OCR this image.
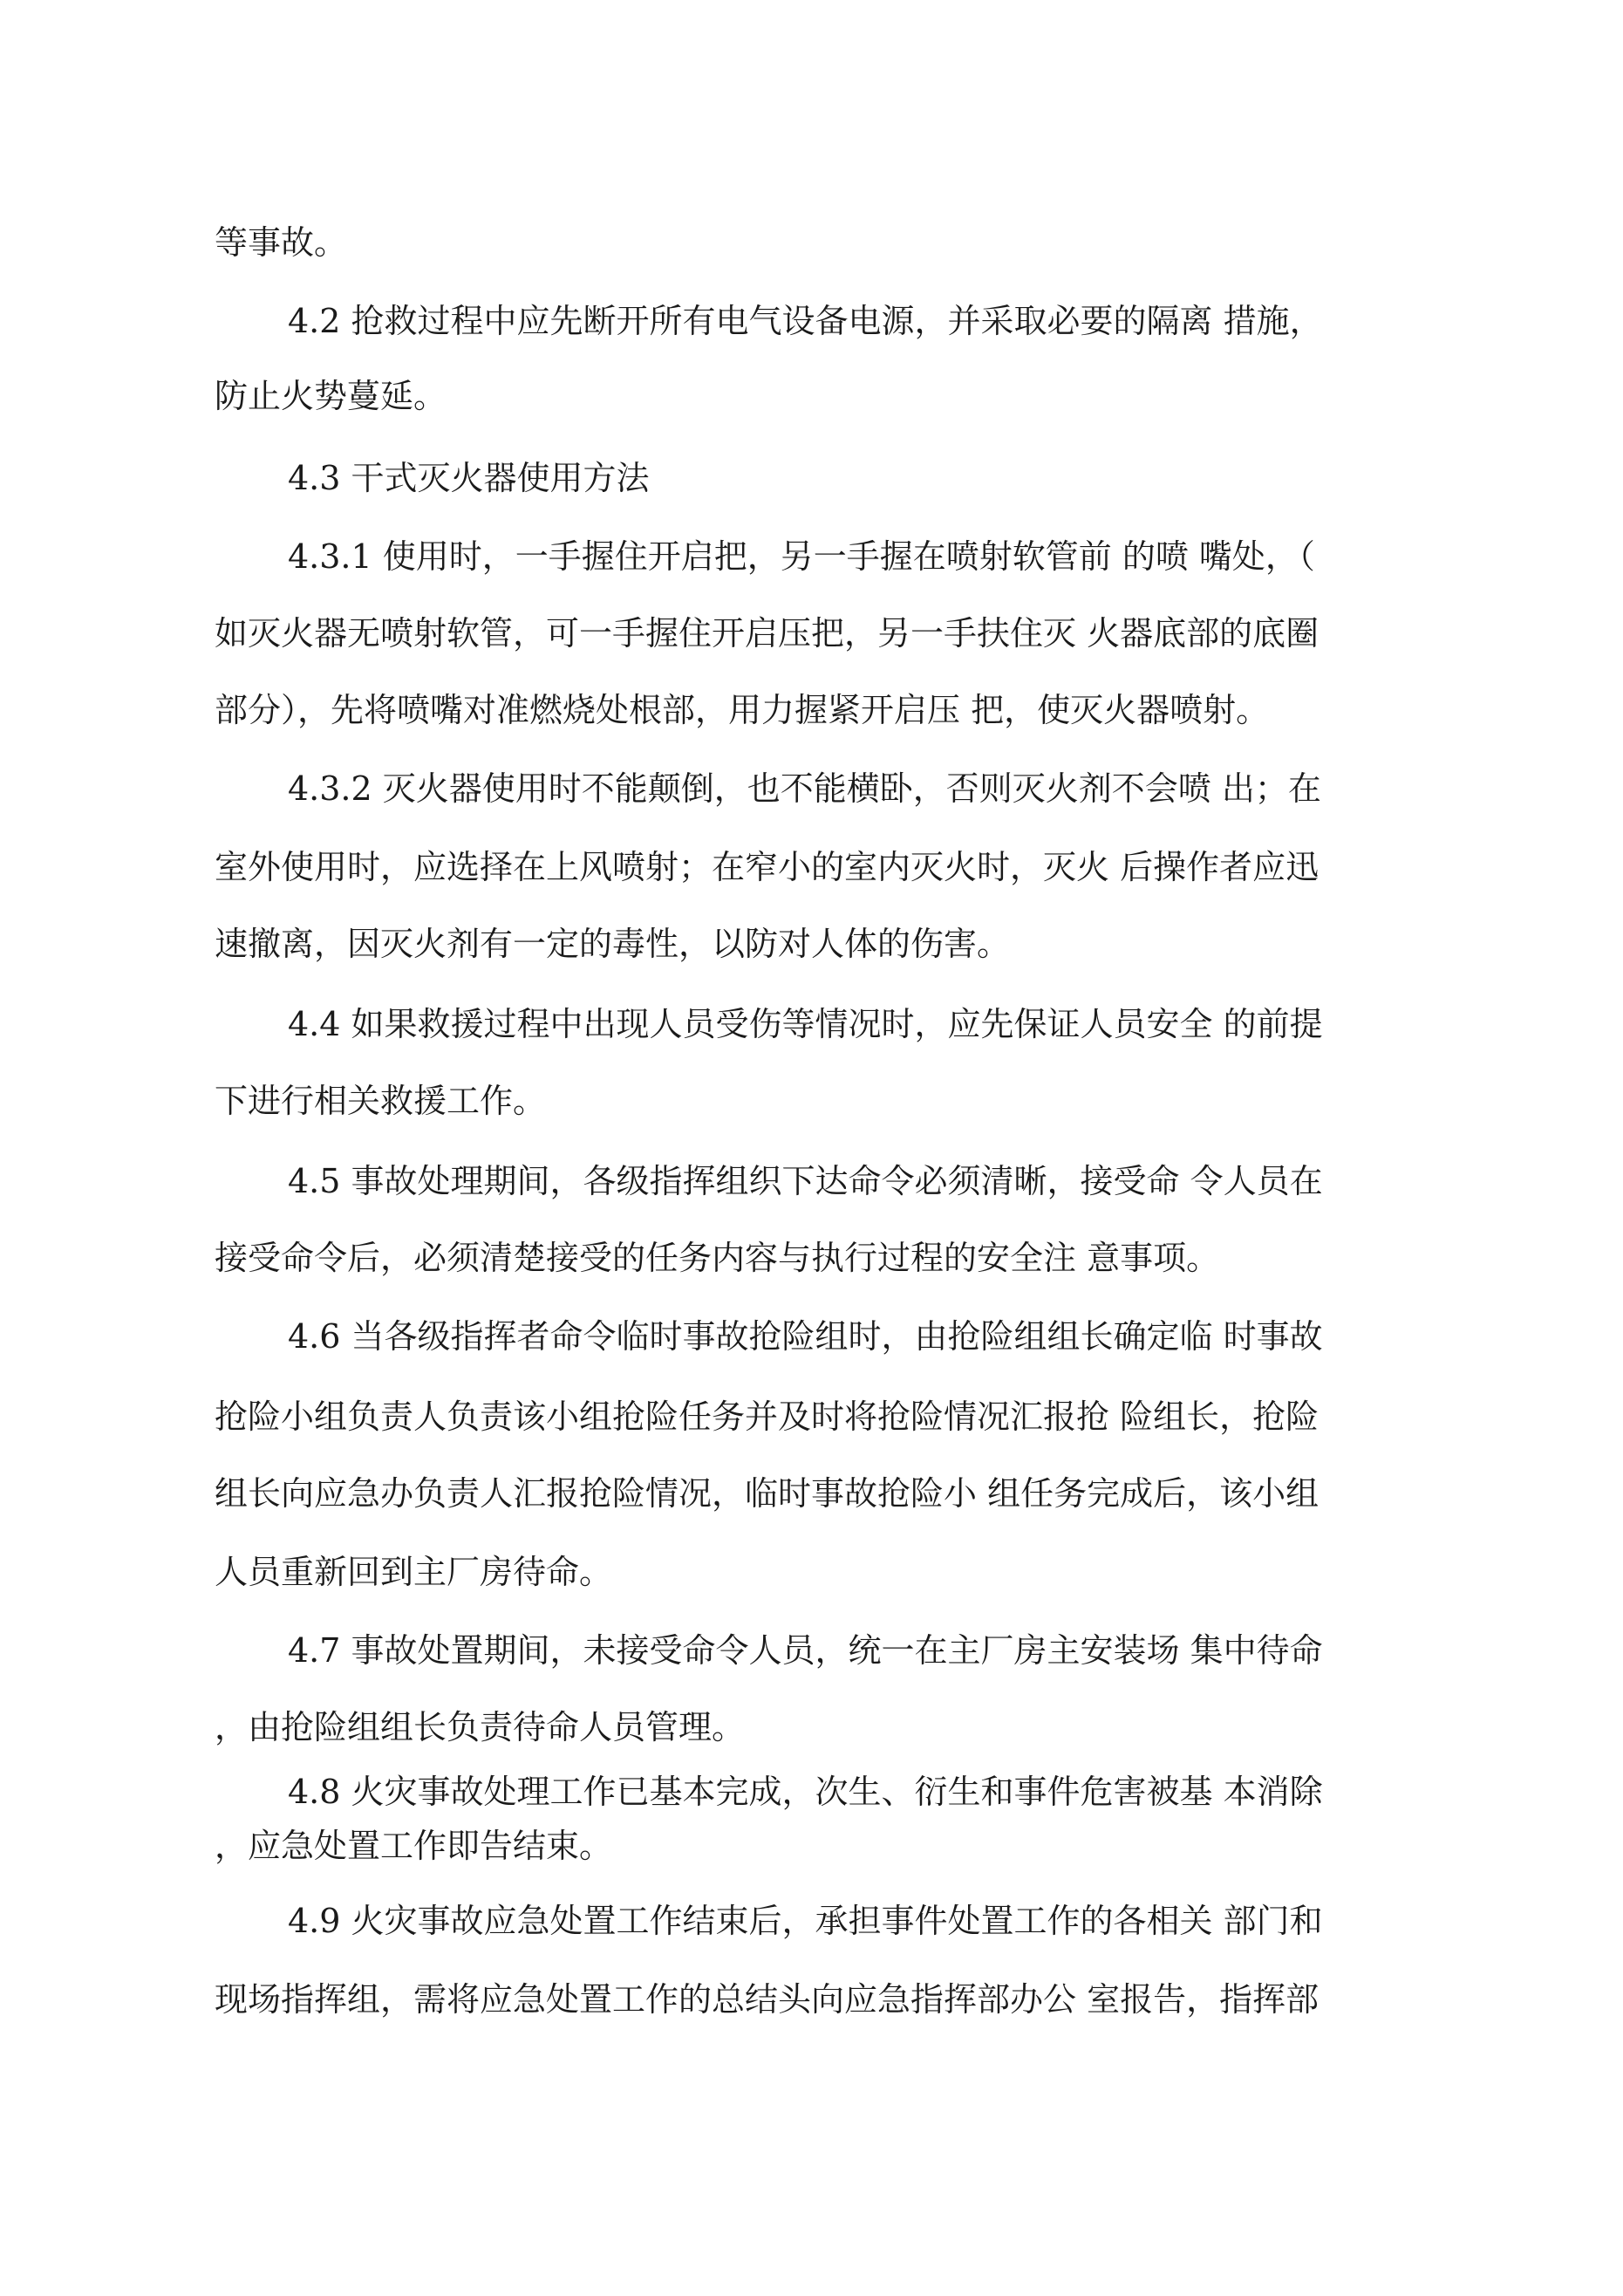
等事故。
4.2 抢救过程中应先断开所有电气设备电源，并采取必要的隔离 措施，
防止火势蔓延。
4.3 干式灭火器使用方法
4.3.1 使用时，一手握住开启把，另一手握在喷射软管前 的喷 嘴处，（
如灭火器无喷射软管，可一手握住开启压把，另一手扶住灭 火器底部的底圈
部分），先将喷嘴对准燃烧处根部，用力握紧开启压 把，使灭火器喷射。
4.3.2 灭火器使用时不能颠倒，也不能横卧，否则灭火剂不会喷 出；在
室外使用时，应选择在上风喷射；在窄小的室内灭火时，灭火 后操作者应迅
速撤离，因灭火剂有一定的毒性，以防对人体的伤害。
4.4 如果救援过程中出现人员受伤等情况时，应先保证人员安全 的前提
下进行相关救援工作。
4.5 事故处理期间，各级指挥组织下达命令必须清晰，接受命 令人员在
接受命令后，必须清楚接受的任务内容与执行过程的安全注 意事项。
4.6 当各级指挥者命令临时事故抢险组时，由抢险组组长确定临 时事故
抢险小组负责人负责该小组抢险任务并及时将抢险情况汇报抢 险组长，抢险
组长向应急办负责人汇报抢险情况，临时事故抢险小 组任务完成后，该小组
人员重新回到主厂房待命。
4.7 事故处置期间，未接受命令人员，统一在主厂房主安装场 集中待命
，由抢险组组长负责待命人员管理。
4.8 火灾事故处理工作已基本完成，次生、衍生和事件危害被基 本消除
，应急处置工作即告结束。
4.9 火灾事故应急处置工作结束后，承担事件处置工作的各相关 部门和
现场指挥组，需将应急处置工作的总结头向应急指挥部办公 室报告，指挥部
